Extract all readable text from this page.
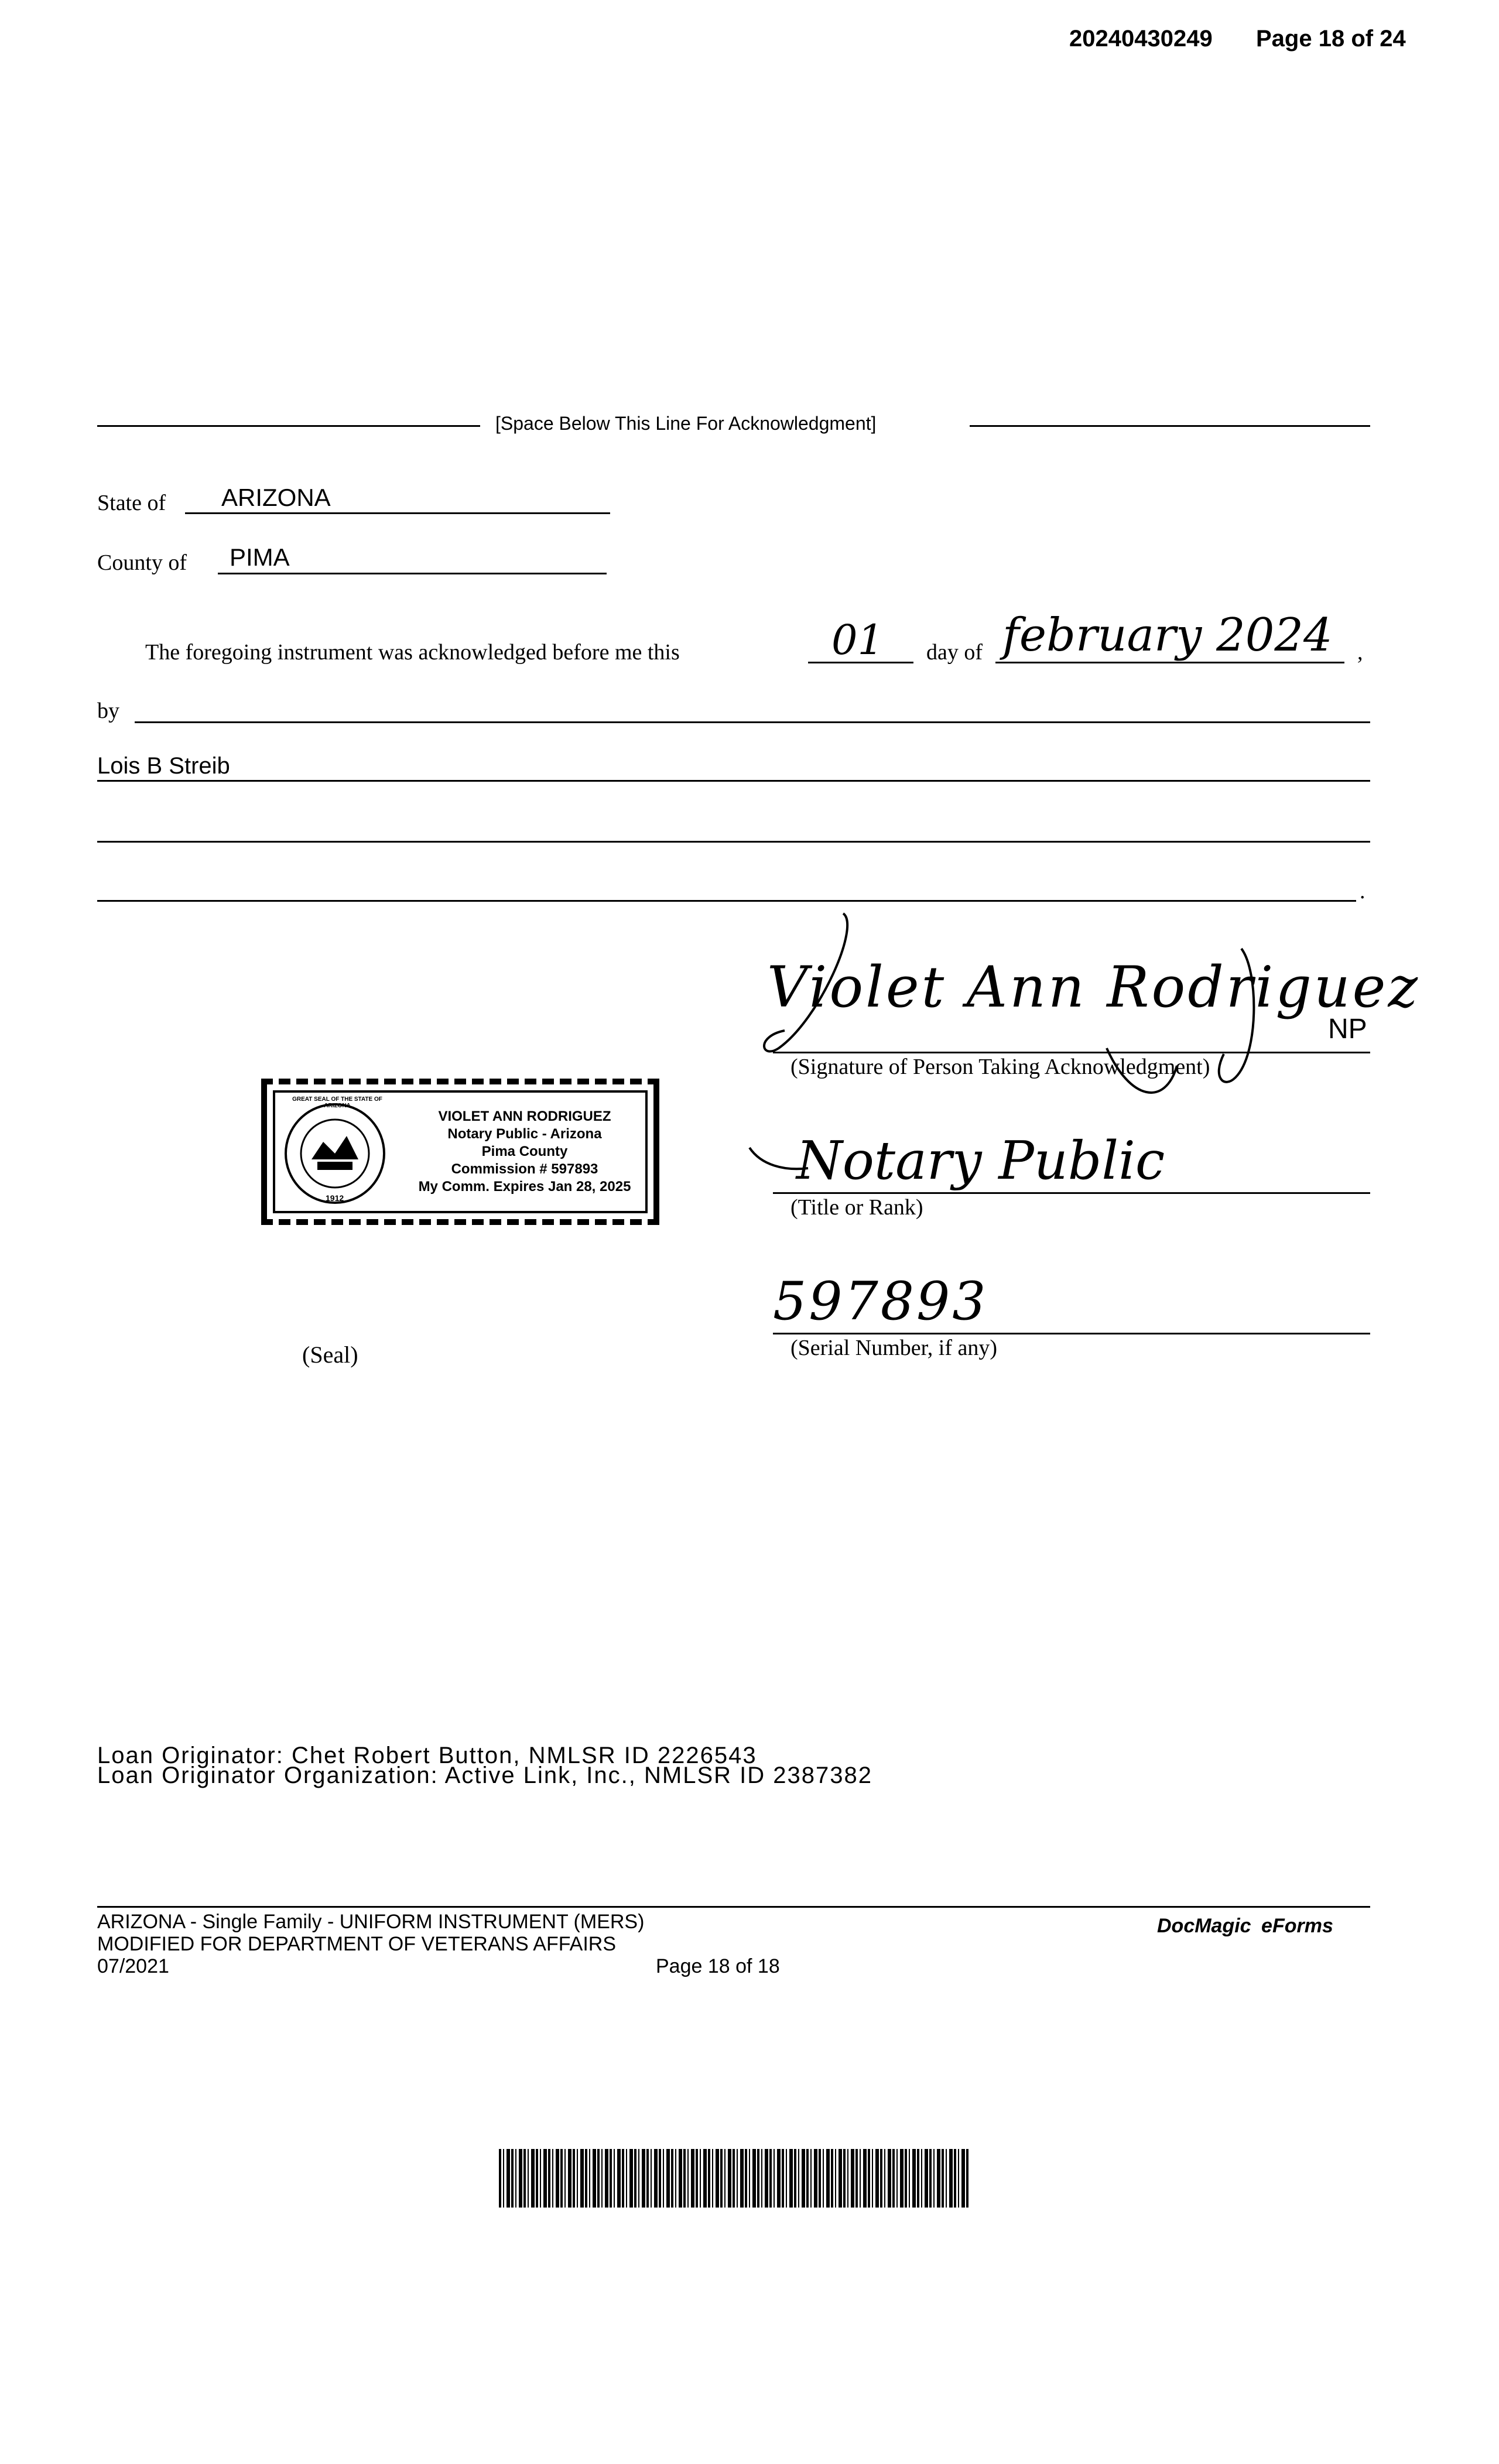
20240430249 Page 18 of 24
[Space Below This Line For Acknowledgment]
State of ARIZONA
County of PIMA
The foregoing instrument was acknowledged before me this	01 day of february 2024 ,
by
Lois B Streib
.
Violet Ann Rodriguez
NP
(Signature of Person Taking Acknowledgment)
Notary Public
(Title or Rank)
597893
(Serial Number, if any)
(Seal)
GREAT SEAL OF THE STATE OF ARIZONA
1912
VIOLET ANN RODRIGUEZ
Notary Public - Arizona
Pima County
Commission # 597893
My Comm. Expires Jan 28, 2025
Loan Originator: Chet Robert Button, NMLSR ID 2226543
Loan Originator Organization: Active Link, Inc., NMLSR ID 2387382
ARIZONA - Single Family - UNIFORM INSTRUMENT (MERS)
MODIFIED FOR DEPARTMENT OF VETERANS AFFAIRS
07/2021	Page 18 of 18
DocMagic eForms
